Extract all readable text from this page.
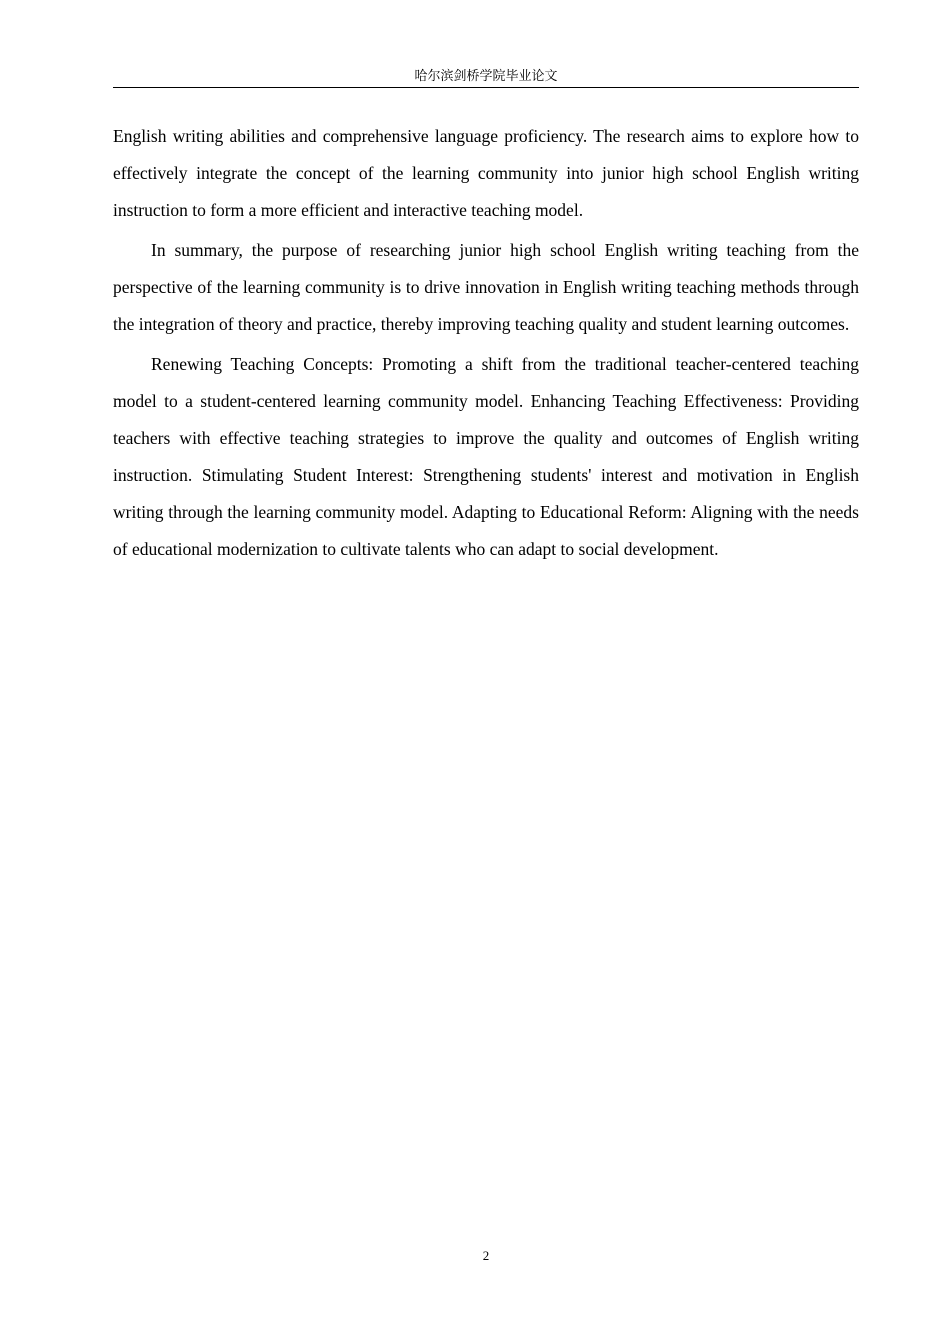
哈尔滨剑桥学院毕业论文

English writing abilities and comprehensive language proficiency. The research aims to explore how to effectively integrate the concept of the learning community into junior high school English writing instruction to form a more efficient and interactive teaching model.

In summary, the purpose of researching junior high school English writing teaching from the perspective of the learning community is to drive innovation in English writing teaching methods through the integration of theory and practice, thereby improving teaching quality and student learning outcomes.

Renewing Teaching Concepts: Promoting a shift from the traditional teacher-centered teaching model to a student-centered learning community model. Enhancing Teaching Effectiveness: Providing teachers with effective teaching strategies to improve the quality and outcomes of English writing instruction. Stimulating Student Interest: Strengthening students' interest and motivation in English writing through the learning community model. Adapting to Educational Reform: Aligning with the needs of educational modernization to cultivate talents who can adapt to social development.

2
